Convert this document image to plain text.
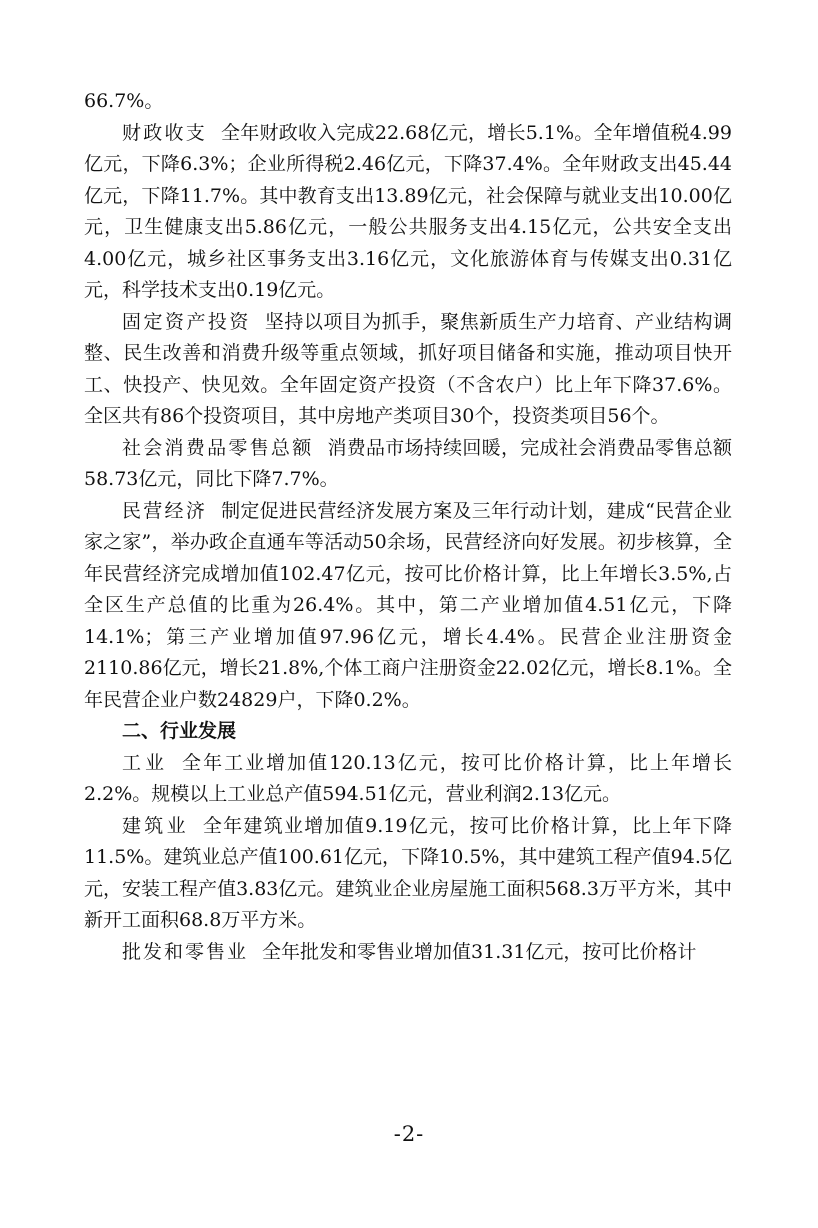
66.7%。

财政收支 全年财政收入完成22.68亿元，增长5.1%。全年增值税4.99亿元，下降6.3%；企业所得税2.46亿元，下降37.4%。全年财政支出45.44亿元，下降11.7%。其中教育支出13.89亿元，社会保障与就业支出10.00亿元，卫生健康支出5.86亿元，一般公共服务支出4.15亿元，公共安全支出4.00亿元，城乡社区事务支出3.16亿元，文化旅游体育与传媒支出0.31亿元，科学技术支出0.19亿元。

固定资产投资 坚持以项目为抓手，聚焦新质生产力培育、产业结构调整、民生改善和消费升级等重点领域，抓好项目储备和实施，推动项目快开工、快投产、快见效。全年固定资产投资（不含农户）比上年下降37.6%。全区共有86个投资项目，其中房地产类项目30个，投资类项目56个。

社会消费品零售总额 消费品市场持续回暖，完成社会消费品零售总额58.73亿元，同比下降7.7%。

民营经济 制定促进民营经济发展方案及三年行动计划，建成“民营企业家之家”，举办政企直通车等活动50余场，民营经济向好发展。初步核算，全年民营经济完成增加值102.47亿元，按可比价格计算，比上年增长3.5%,占全区生产总值的比重为26.4%。其中，第二产业增加值4.51亿元，下降14.1%；第三产业增加值97.96亿元，增长4.4%。民营企业注册资金2110.86亿元，增长21.8%,个体工商户注册资金22.02亿元，增长8.1%。全年民营企业户数24829户，下降0.2%。

二、行业发展

工业 全年工业增加值120.13亿元，按可比价格计算，比上年增长2.2%。规模以上工业总产值594.51亿元，营业利润2.13亿元。

建筑业 全年建筑业增加值9.19亿元，按可比价格计算，比上年下降11.5%。建筑业总产值100.61亿元，下降10.5%，其中建筑工程产值94.5亿元，安装工程产值3.83亿元。建筑业企业房屋施工面积568.3万平方米，其中新开工面积68.8万平方米。

批发和零售业 全年批发和零售业增加值31.31亿元，按可比价格计

-2-
